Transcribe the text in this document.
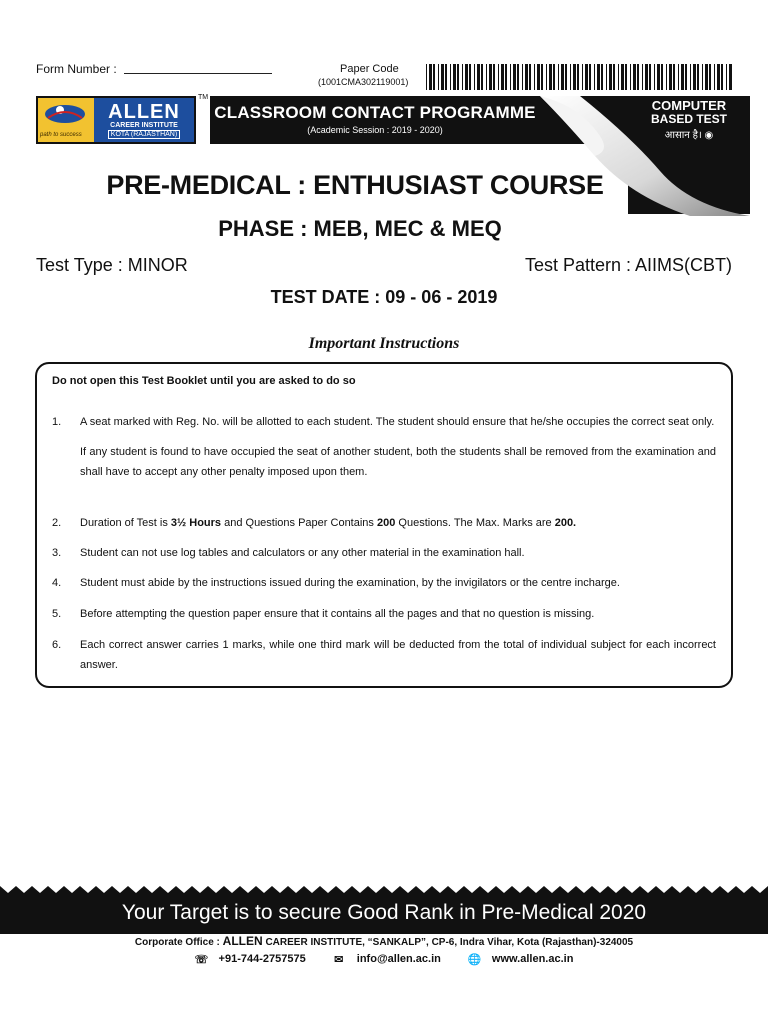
Form Number :	Paper Code
(1001CMA302119001)
path to success
ALLEN
CAREER INSTITUTE
KOTA (RAJASTHAN)
TM
CLASSROOM CONTACT PROGRAMME
(Academic Session : 2019 - 2020)
COMPUTER
BASED TEST
आसान है। ◉
PRE-MEDICAL : ENTHUSIAST COURSE
PHASE : MEB, MEC & MEQ
Test Type : MINOR	Test Pattern : AIIMS(CBT)
TEST DATE : 09 - 06 - 2019
Important Instructions
Do not open this Test Booklet until you are asked to do so
1. A seat marked with Reg. No. will be allotted to each student. The student should ensure that he/she occupies the correct seat only.
If any student is found to have occupied the seat of another student, both the students shall be removed from the examination and shall have to accept any other penalty imposed upon them.
2. Duration of Test is 3½ Hours and Questions Paper Contains 200 Questions. The Max. Marks are 200.
3. Student can not use log tables and calculators or any other material in the examination hall.
4. Student must abide by the instructions issued during the examination, by the invigilators or the centre incharge.
5. Before attempting the question paper ensure that it contains all the pages and that no question is missing.
6. Each correct answer carries 1 marks, while one third mark will be deducted from the total of individual subject for each incorrect answer.
Your Target is to secure Good Rank in Pre-Medical 2020
Corporate Office : ALLEN CAREER INSTITUTE, “SANKALP”, CP-6, Indra Vihar, Kota (Rajasthan)-324005
☏ +91-744-2757575	✉ info@allen.ac.in 🌐 www.allen.ac.in
